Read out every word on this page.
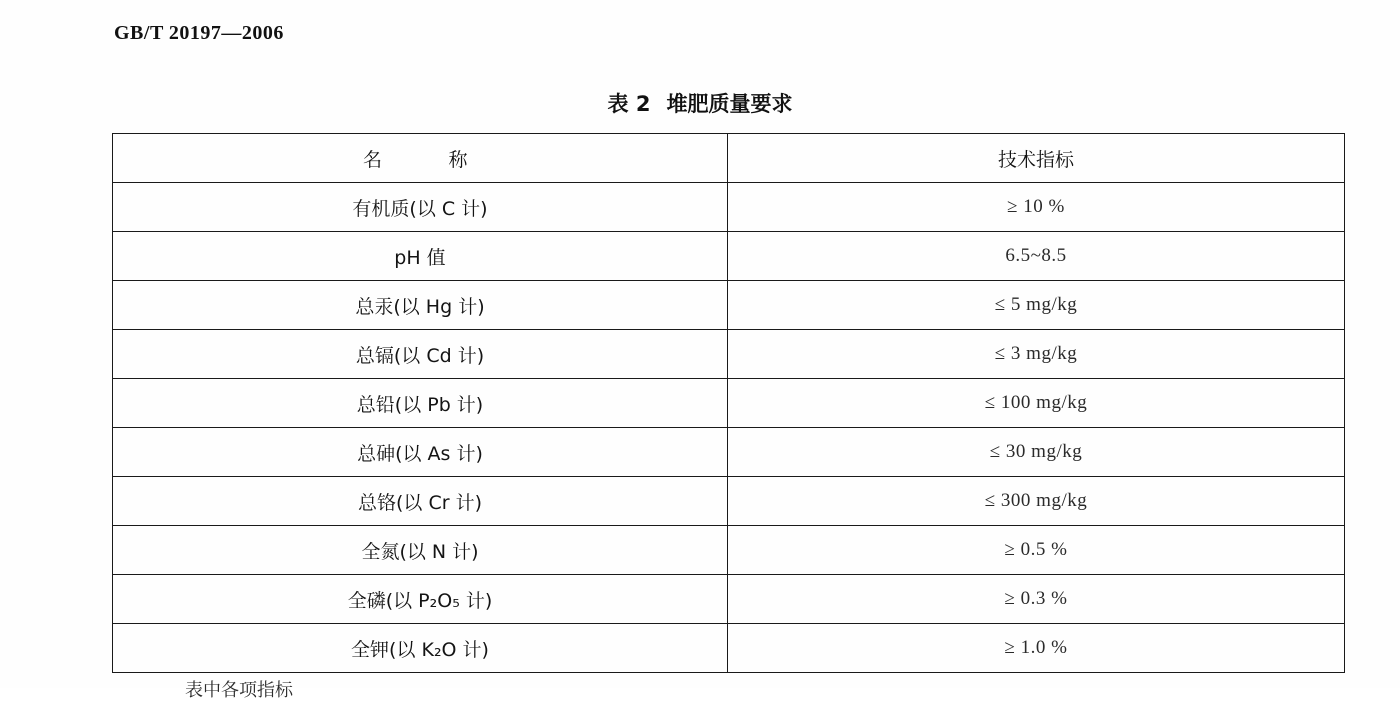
GB/T 20197—2006
表 2 堆肥质量要求
名　　称	技术指标
有机质(以 C 计)	≥ 10 %
pH 值	6.5~8.5
总汞(以 Hg 计)	≤ 5 mg/kg
总镉(以 Cd 计)	≤ 3 mg/kg
总铅(以 Pb 计)	≤ 100 mg/kg
总砷(以 As 计)	≤ 30 mg/kg
总铬(以 Cr 计)	≤ 300 mg/kg
全氮(以 N 计)	≥ 0.5 %
全磷(以 P₂O₅ 计)	≥ 0.3 %
全钾(以 K₂O 计)	≥ 1.0 %
表中各项指标
